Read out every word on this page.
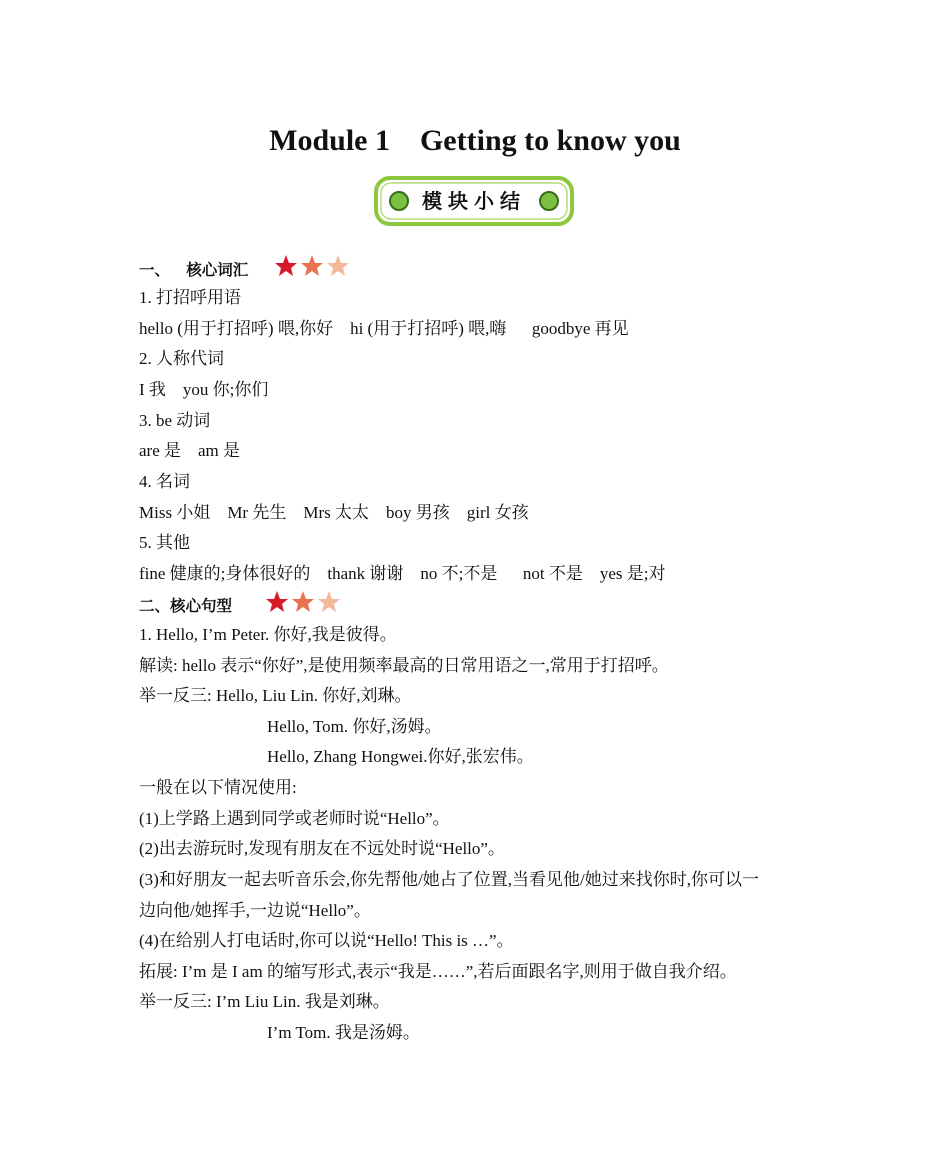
Module 1    Getting to know you
模块小结
一、   核心词汇
1. 打招呼用语
hello (用于打招呼) 喂,你好    hi (用于打招呼) 喂,嗨      goodbye 再见
2. 人称代词
I 我    you 你;你们
3. be 动词
are 是    am 是
4. 名词
Miss 小姐    Mr 先生    Mrs 太太    boy 男孩    girl 女孩
5. 其他
fine 健康的;身体很好的    thank 谢谢    no 不;不是      not 不是    yes 是;对
二、核心句型
1. Hello, I’m Peter. 你好,我是彼得。
解读: hello 表示“你好”,是使用频率最高的日常用语之一,常用于打招呼。
举一反三: Hello, Liu Lin. 你好,刘琳。
Hello, Tom. 你好,汤姆。
Hello, Zhang Hongwei.你好,张宏伟。
一般在以下情况使用:
(1)上学路上遇到同学或老师时说“Hello”。
(2)出去游玩时,发现有朋友在不远处时说“Hello”。
(3)和好朋友一起去听音乐会,你先帮他/她占了位置,当看见他/她过来找你时,你可以一
边向他/她挥手,一边说“Hello”。
(4)在给别人打电话时,你可以说“Hello! This is …”。
拓展: I’m 是 I am 的缩写形式,表示“我是……”,若后面跟名字,则用于做自我介绍。
举一反三: I’m Liu Lin. 我是刘琳。
I’m Tom. 我是汤姆。
